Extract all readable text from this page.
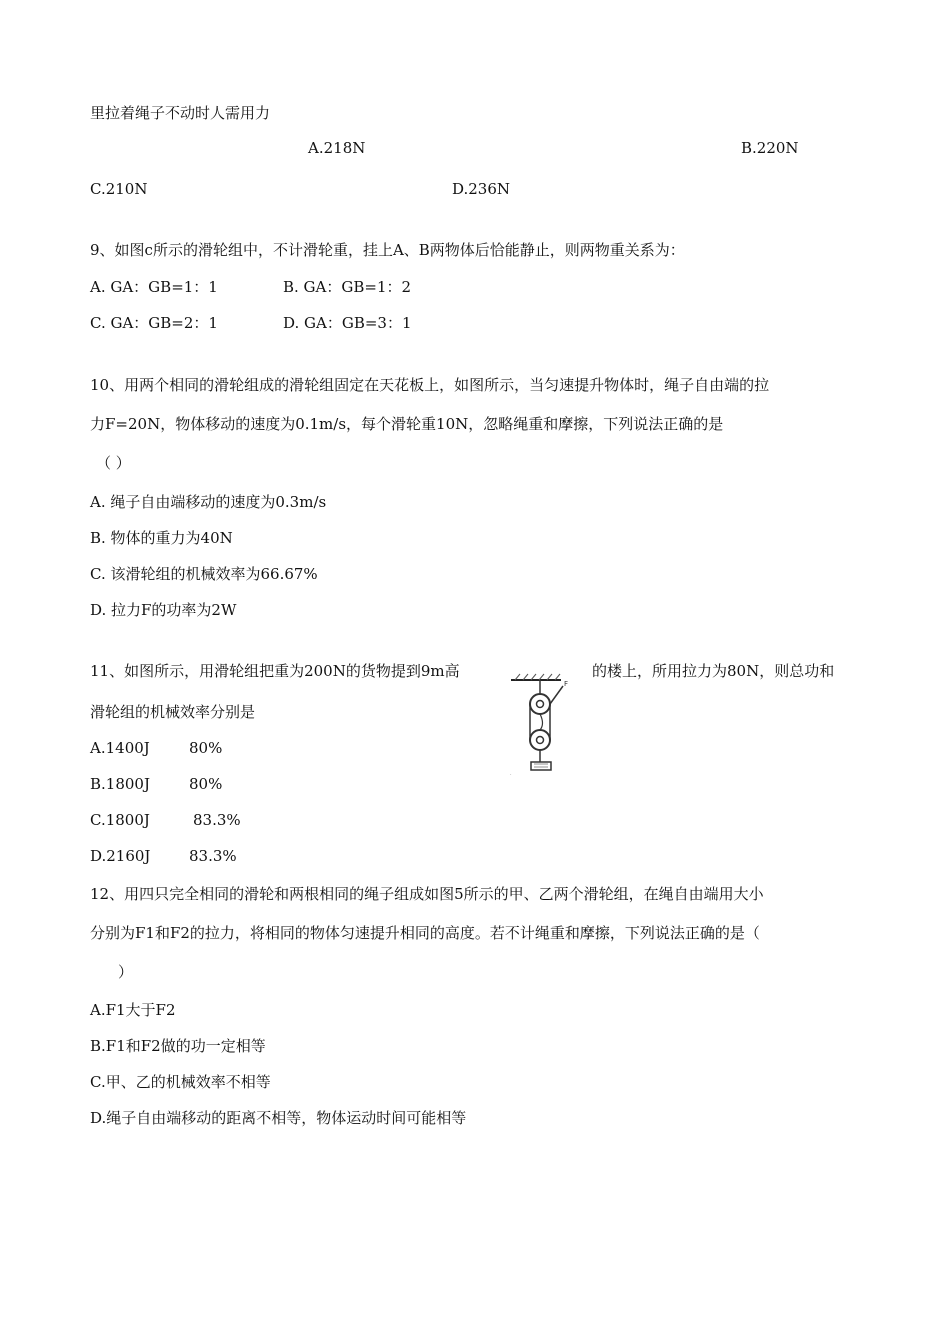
里拉着绳子不动时人需用力
A.218N	B.220N
C.210N	D.236N
9、如图c所示的滑轮组中，不计滑轮重，挂上A、B两物体后恰能静止，则两物重关系为：
A. GA：GB=1：1	B. GA：GB=1：2
C. GA：GB=2：1	D. GA：GB=3：1
10、用两个相同的滑轮组成的滑轮组固定在天花板上，如图所示，当匀速提升物体时，绳子自由端的拉
力F=20N，物体移动的速度为0.1m/s，每个滑轮重10N，忽略绳重和摩擦，下列说法正确的是
（ ）
A. 绳子自由端移动的速度为0.3m/s
B. 物体的重力为40N
C. 该滑轮组的机械效率为66.67%
D. 拉力F的功率为2W
11、如图所示，用滑轮组把重为200N的货物提到9m高	的楼上，所用拉力为80N，则总功和
滑轮组的机械效率分别是
A.1400J	80%
B.1800J	80%
C.1800J	83.3%
D.2160J	83.3%
F
.
12、用四只完全相同的滑轮和两根相同的绳子组成如图5所示的甲、乙两个滑轮组，在绳自由端用大小
分别为F1和F2的拉力，将相同的物体匀速提升相同的高度。若不计绳重和摩擦，下列说法正确的是（
）
A.F1大于F2
B.F1和F2做的功一定相等
C.甲、乙的机械效率不相等
D.绳子自由端移动的距离不相等，物体运动时间可能相等
